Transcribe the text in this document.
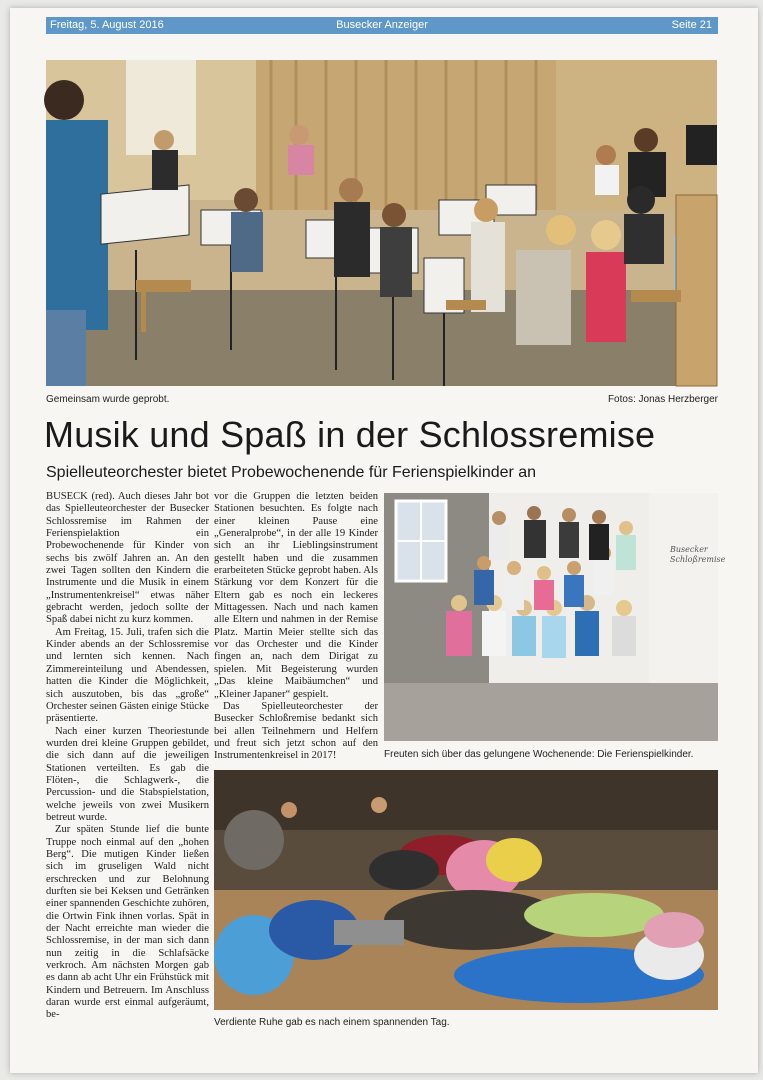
Freitag, 5. August 2016	Busecker Anzeiger	Seite 21
Gemeinsam wurde geprobt.	Fotos: Jonas Herzberger
Musik und Spaß in der Schlossremise
Spielleuteorchester bietet Probewochenende für Ferienspielkinder an

BUSECK (red). Auch dieses Jahr bot das Spielleuteorchester der Busecker Schlossremise im Rahmen der Ferienspielaktion ein Probewochenende für Kinder von sechs bis zwölf Jahren an. An den zwei Tagen sollten den Kindern die Instrumente und die Musik in einem „Instrumentenkreisel“ etwas näher gebracht werden, jedoch sollte der Spaß dabei nicht zu kurz kommen.

Am Freitag, 15. Juli, trafen sich die Kinder abends an der Schlossremise und lernten sich kennen. Nach Zimmereinteilung und Abendessen, hatten die Kinder die Möglichkeit, sich auszutoben, bis das „große“ Orchester seinen Gästen einige Stücke präsentierte.

Nach einer kurzen Theoriestunde wurden drei kleine Gruppen gebildet, die sich dann auf die jeweiligen Stationen verteilten. Es gab die Flöten-, die Schlagwerk-, die Percussion- und die Stabspielstation, welche jeweils von zwei Musikern betreut wurde.

Zur späten Stunde lief die bunte Truppe noch einmal auf den „hohen Berg“. Die mutigen Kinder ließen sich im gruseligen Wald nicht erschrecken und zur Belohnung durften sie bei Keksen und Getränken einer spannenden Geschichte zuhören, die Ortwin Fink ihnen vorlas. Spät in der Nacht erreichte man wieder die Schlossremise, in der man sich dann nun zeitig in die Schlafsäcke verkroch. Am nächsten Morgen gab es dann ab acht Uhr ein Frühstück mit Kindern und Betreuern. Im Anschluss daran wurde erst einmal aufgeräumt, be-

vor die Gruppen die letzten beiden Stationen besuchten. Es folgte nach einer kleinen Pause eine „Generalprobe“, in der alle 19 Kinder sich an ihr Lieblingsinstrument gestellt haben und die zusammen erarbeiteten Stücke geprobt haben. Als Stärkung vor dem Konzert für die Eltern gab es noch ein leckeres Mittagessen. Nach und nach kamen alle Eltern und nahmen in der Remise Platz. Martin Meier stellte sich das vor das Orchester und die Kinder fingen an, nach dem Dirigat zu spielen. Mit Begeisterung wurden „Das kleine Maibäumchen“ und „Kleiner Japaner“ gespielt.

Das Spielleuteorchester der Busecker Schloßremise bedankt sich bei allen Teilnehmern und Helfern und freut sich jetzt schon auf den Instrumentenkreisel in 2017!

Busecker Schloßremise
Freuten sich über das gelungene Wochenende: Die Ferienspielkinder.
Verdiente Ruhe gab es nach einem spannenden Tag.
